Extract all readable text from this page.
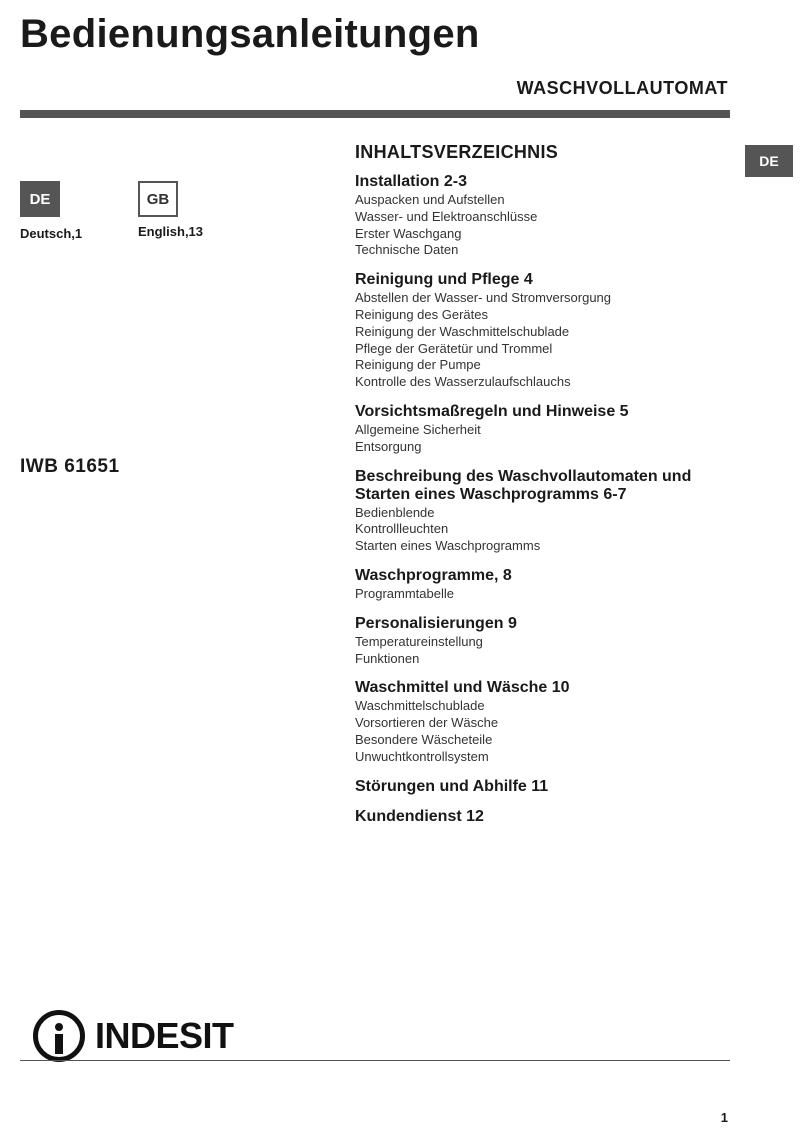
Bedienungsanleitungen
WASCHVOLLAUTOMAT
DE
DE	GB
Deutsch,1	English,13
IWB 61651
INHALTSVERZEICHNIS
Installation 2-3
Auspacken und Aufstellen
Wasser- und Elektroanschlüsse
Erster Waschgang
Technische Daten
Reinigung und Pflege 4
Abstellen der Wasser- und Stromversorgung
Reinigung des Gerätes
Reinigung der Waschmittelschublade
Pflege der Gerätetür und Trommel
Reinigung der Pumpe
Kontrolle des Wasserzulaufschlauchs
Vorsichtsmaßregeln und Hinweise 5
Allgemeine Sicherheit
Entsorgung
Beschreibung des Waschvollautomaten und Starten eines Waschprogramms 6-7
Bedienblende
Kontrollleuchten
Starten eines Waschprogramms
Waschprogramme, 8
Programmtabelle
Personalisierungen 9
Temperatureinstellung
Funktionen
Waschmittel und Wäsche 10
Waschmittelschublade
Vorsortieren der Wäsche
Besondere Wäscheteile
Unwuchtkontrollsystem
Störungen und Abhilfe 11
Kundendienst 12
INDESIT
1
